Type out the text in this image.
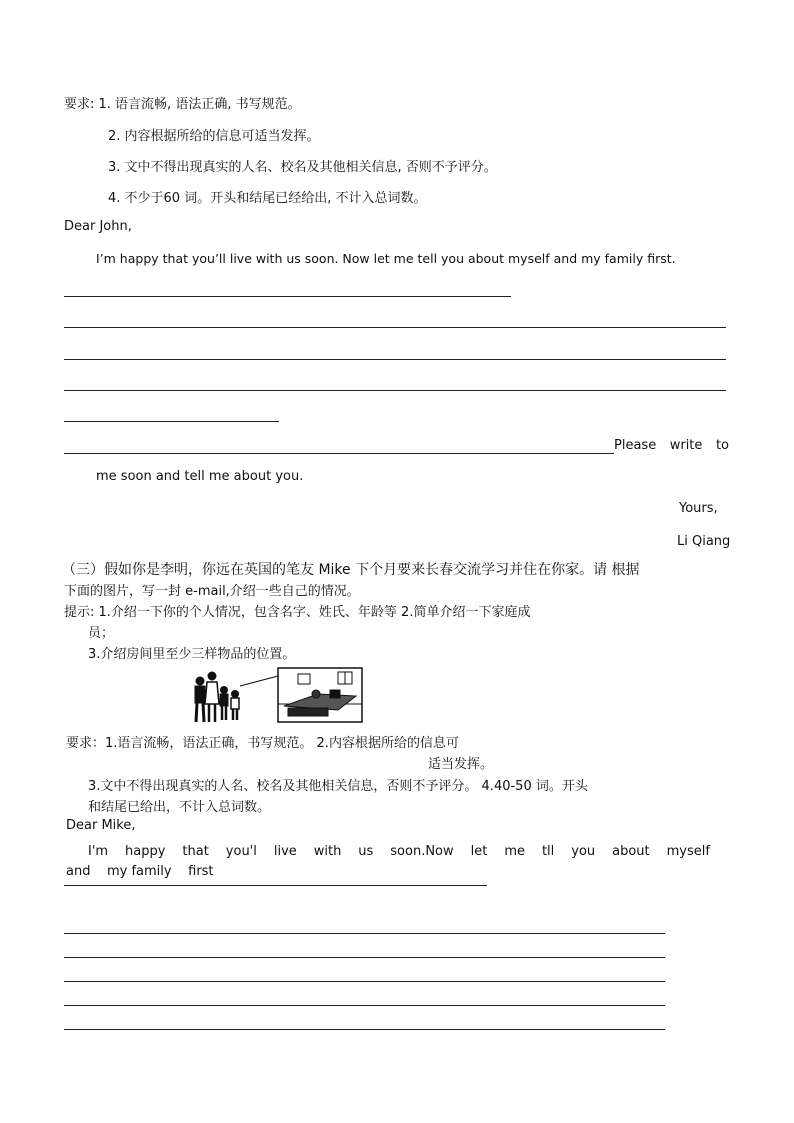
要求: 1. 语言流畅, 语法正确, 书写规范。
2. 内容根据所给的信息可适当发挥。
3. 文中不得出现真实的人名、校名及其他相关信息, 否则不予评分。
4. 不少于60 词。开头和结尾已经给出, 不计入总词数。
Dear John,
I’m happy that you’ll live with us soon. Now let me tell you about myself and my family first.
Please write to
me soon and tell me about you.
Yours,
Li Qiang
（三）假如你是李明，你远在英国的笔友 Mike 下个月要来长春交流学习并住在你家。请 根据
下面的图片，写一封 e-mail,介绍一些自己的情况。
提示: 1.介绍一下你的个人情况，包含名字、姓氏、年龄等 2.简单介绍一下家庭成
员；
3.介绍房间里至少三样物品的位置。
要求：1.语言流畅，语法正确，书写规范。 2.内容根据所给的信息可
适当发挥。
3.文中不得出现真实的人名、校名及其他相关信息，否则不予评分。 4.40-50 词。开头
和结尾已给出，不计入总词数。
Dear Mike,
I'm happy that you'l live with us soon.Now let me tll you about myself
and    my family    first
